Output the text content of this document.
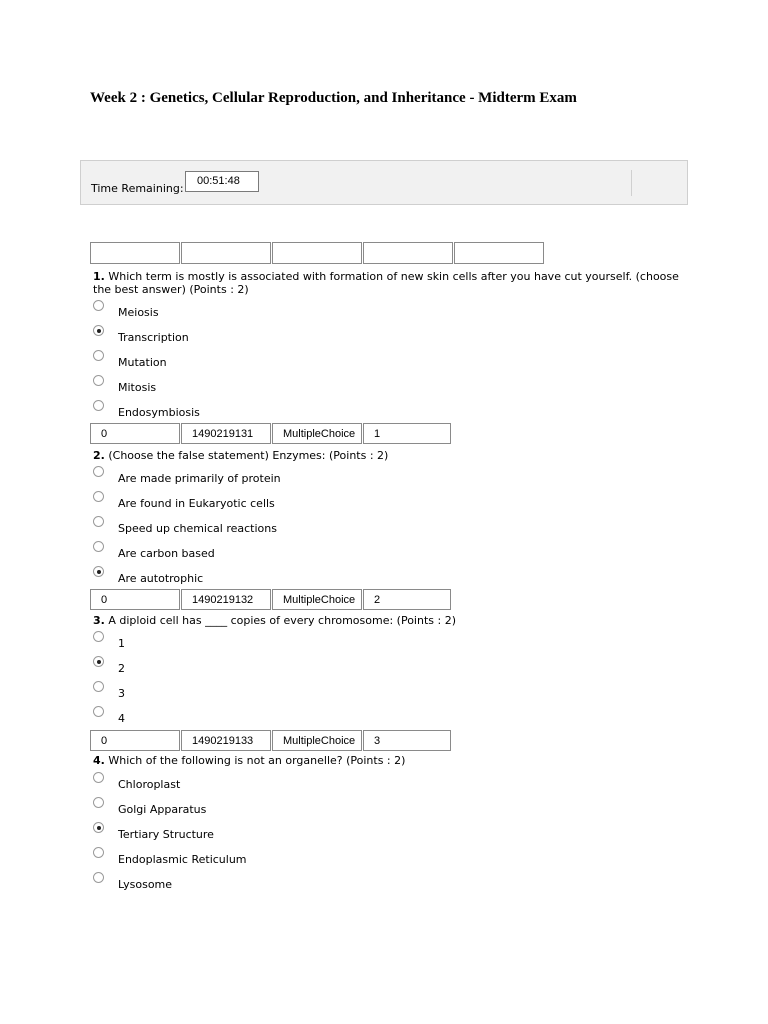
Week 2 : Genetics, Cellular Reproduction, and Inheritance - Midterm Exam
Time Remaining:
00:51:48
1. Which term is mostly is associated with formation of new skin cells after you have cut yourself. (choose the best answer) (Points : 2)
Meiosis
Transcription
Mutation
Mitosis
Endosymbiosis
0	1490219131	MultipleChoice	1
2. (Choose the false statement) Enzymes: (Points : 2)
Are made primarily of protein
Are found in Eukaryotic cells
Speed up chemical reactions
Are carbon based
Are autotrophic
0	1490219132	MultipleChoice	2
3. A diploid cell has ____ copies of every chromosome: (Points : 2)
1
2
3
4
0	1490219133	MultipleChoice	3
4. Which of the following is not an organelle? (Points : 2)
Chloroplast
Golgi Apparatus
Tertiary Structure
Endoplasmic Reticulum
Lysosome
